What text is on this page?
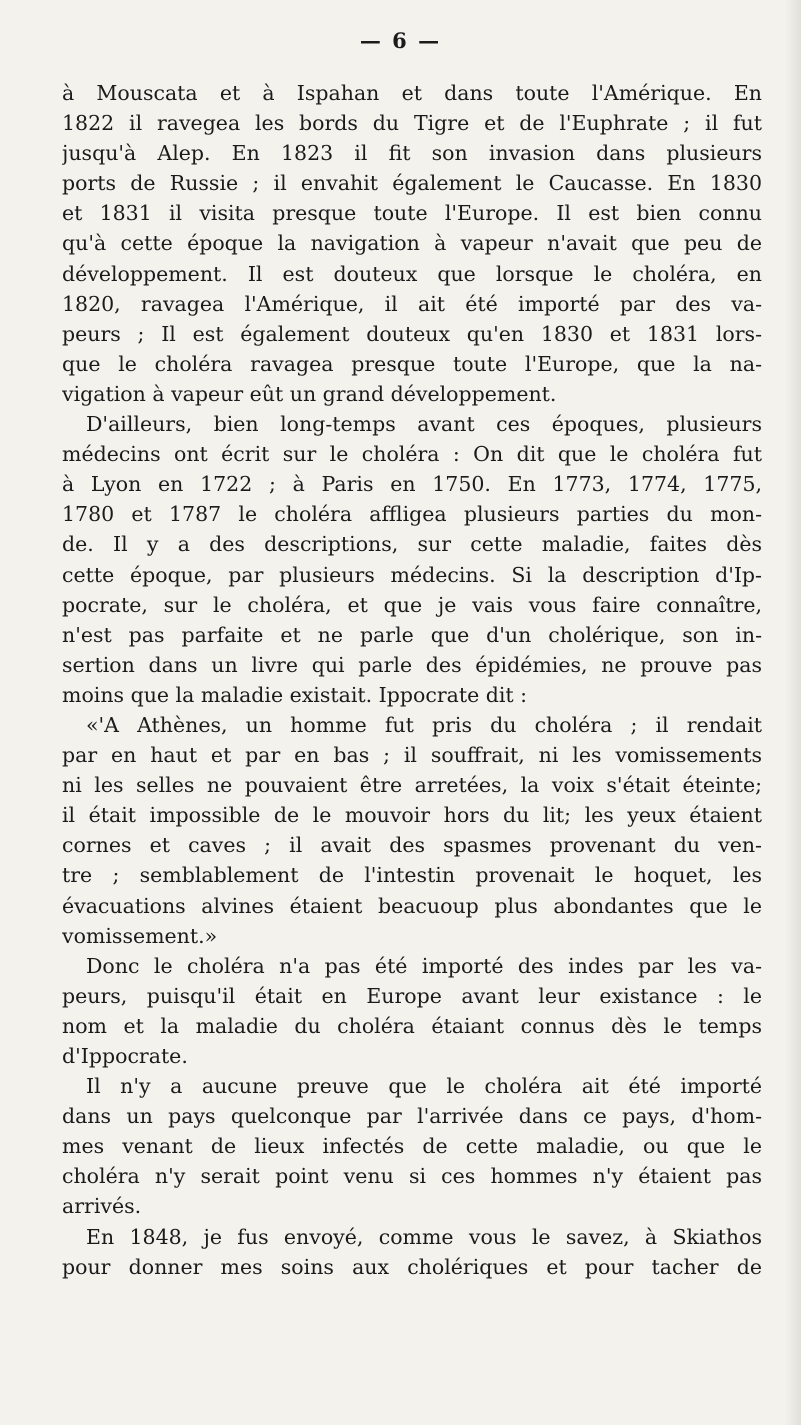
— 6 —
à Mouscata et à Ispahan et dans toute l'Amérique. En
1822 il ravegea les bords du Tigre et de l'Euphrate ; il fut
jusqu'à Alep. En 1823 il fit son invasion dans plusieurs
ports de Russie ; il envahit également le Caucasse. En 1830
et 1831 il visita presque toute l'Europe. Il est bien connu
qu'à cette époque la navigation à vapeur n'avait que peu de
développement. Il est douteux que lorsque le choléra, en
1820, ravagea l'Amérique, il ait été importé par des va-
peurs ; Il est également douteux qu'en 1830 et 1831 lors-
que le choléra ravagea presque toute l'Europe, que la na-
vigation à vapeur eût un grand développement.
D'ailleurs, bien long-temps avant ces époques, plusieurs
médecins ont écrit sur le choléra : On dit que le choléra fut
à Lyon en 1722 ; à Paris en 1750. En 1773, 1774, 1775,
1780 et 1787 le choléra affligea plusieurs parties du mon-
de. Il y a des descriptions, sur cette maladie, faites dès
cette époque, par plusieurs médecins. Si la description d'Ip-
pocrate, sur le choléra, et que je vais vous faire connaître,
n'est pas parfaite et ne parle que d'un cholérique, son in-
sertion dans un livre qui parle des épidémies, ne prouve pas
moins que la maladie existait. Ippocrate dit :
«'A Athènes, un homme fut pris du choléra ; il rendait
par en haut et par en bas ; il souffrait, ni les vomissements
ni les selles ne pouvaient être arretées, la voix s'était éteinte;
il était impossible de le mouvoir hors du lit; les yeux étaient
cornes et caves ; il avait des spasmes provenant du ven-
tre ; semblablement de l'intestin provenait le hoquet, les
évacuations alvines étaient beacuoup plus abondantes que le
vomissement.»
Donc le choléra n'a pas été importé des indes par les va-
peurs, puisqu'il était en Europe avant leur existance : le
nom et la maladie du choléra étaiant connus dès le temps
d'Ippocrate.
Il n'y a aucune preuve que le choléra ait été importé
dans un pays quelconque par l'arrivée dans ce pays, d'hom-
mes venant de lieux infectés de cette maladie, ou que le
choléra n'y serait point venu si ces hommes n'y étaient pas
arrivés.
En 1848, je fus envoyé, comme vous le savez, à Skiathos
pour donner mes soins aux cholériques et pour tacher de
